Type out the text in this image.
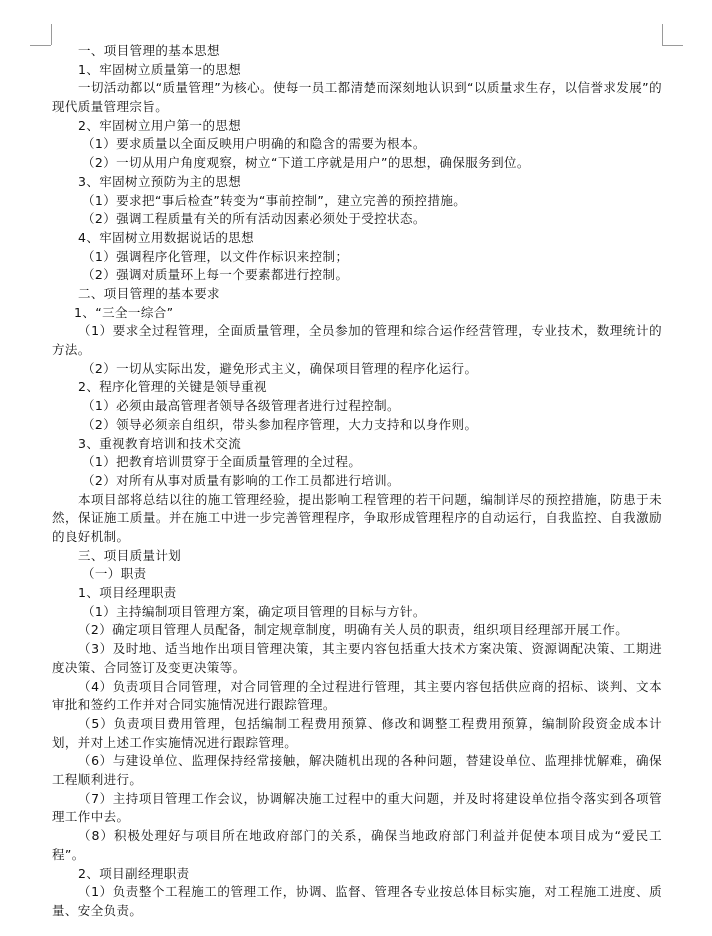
一、项目管理的基本思想
1、牢固树立质量第一的思想
一切活动都以“质量管理”为核心。使每一员工都清楚而深刻地认识到“以质量求生存，以信誉求发展”的现代质量管理宗旨。
2、牢固树立用户第一的思想
（1）要求质量以全面反映用户明确的和隐含的需要为根本。
（2）一切从用户角度观察，树立“下道工序就是用户”的思想，确保服务到位。
3、牢固树立预防为主的思想
（1）要求把“事后检查”转变为“事前控制”，建立完善的预控措施。
（2）强调工程质量有关的所有活动因素必须处于受控状态。
4、牢固树立用数据说话的思想
（1）强调程序化管理，以文件作标识来控制；
（2）强调对质量环上每一个要素都进行控制。
二、项目管理的基本要求
1、“三全一综合”
（1）要求全过程管理，全面质量管理，全员参加的管理和综合运作经营管理，专业技术，数理统计的方法。
（2）一切从实际出发，避免形式主义，确保项目管理的程序化运行。
2、程序化管理的关键是领导重视
（1）必须由最高管理者领导各级管理者进行过程控制。
（2）领导必须亲自组织，带头参加程序管理，大力支持和以身作则。
3、重视教育培训和技术交流
（1）把教育培训贯穿于全面质量管理的全过程。
（2）对所有从事对质量有影响的工作工员都进行培训。
本项目部将总结以往的施工管理经验，提出影响工程管理的若干问题，编制详尽的预控措施，防患于未然，保证施工质量。并在施工中进一步完善管理程序，争取形成管理程序的自动运行，自我监控、自我激励的良好机制。
三、项目质量计划
（一）职责
1、项目经理职责
（1）主持编制项目管理方案，确定项目管理的目标与方针。
（2）确定项目管理人员配备，制定规章制度，明确有关人员的职责，组织项目经理部开展工作。
（3）及时地、适当地作出项目管理决策，其主要内容包括重大技术方案决策、资源调配决策、工期进度决策、合同签订及变更决策等。
（4）负责项目合同管理，对合同管理的全过程进行管理，其主要内容包括供应商的招标、谈判、文本审批和签约工作并对合同实施情况进行跟踪管理。
（5）负责项目费用管理，包括编制工程费用预算、修改和调整工程费用预算，编制阶段资金成本计划，并对上述工作实施情况进行跟踪管理。
（6）与建设单位、监理保持经常接触，解决随机出现的各种问题，替建设单位、监理排忧解难，确保工程顺利进行。
（7）主持项目管理工作会议，协调解决施工过程中的重大问题，并及时将建设单位指令落实到各项管理工作中去。
（8）积极处理好与项目所在地政府部门的关系，确保当地政府部门利益并促使本项目成为“爱民工程”。
2、项目副经理职责
（1）负责整个工程施工的管理工作，协调、监督、管理各专业按总体目标实施，对工程施工进度、质量、安全负责。
